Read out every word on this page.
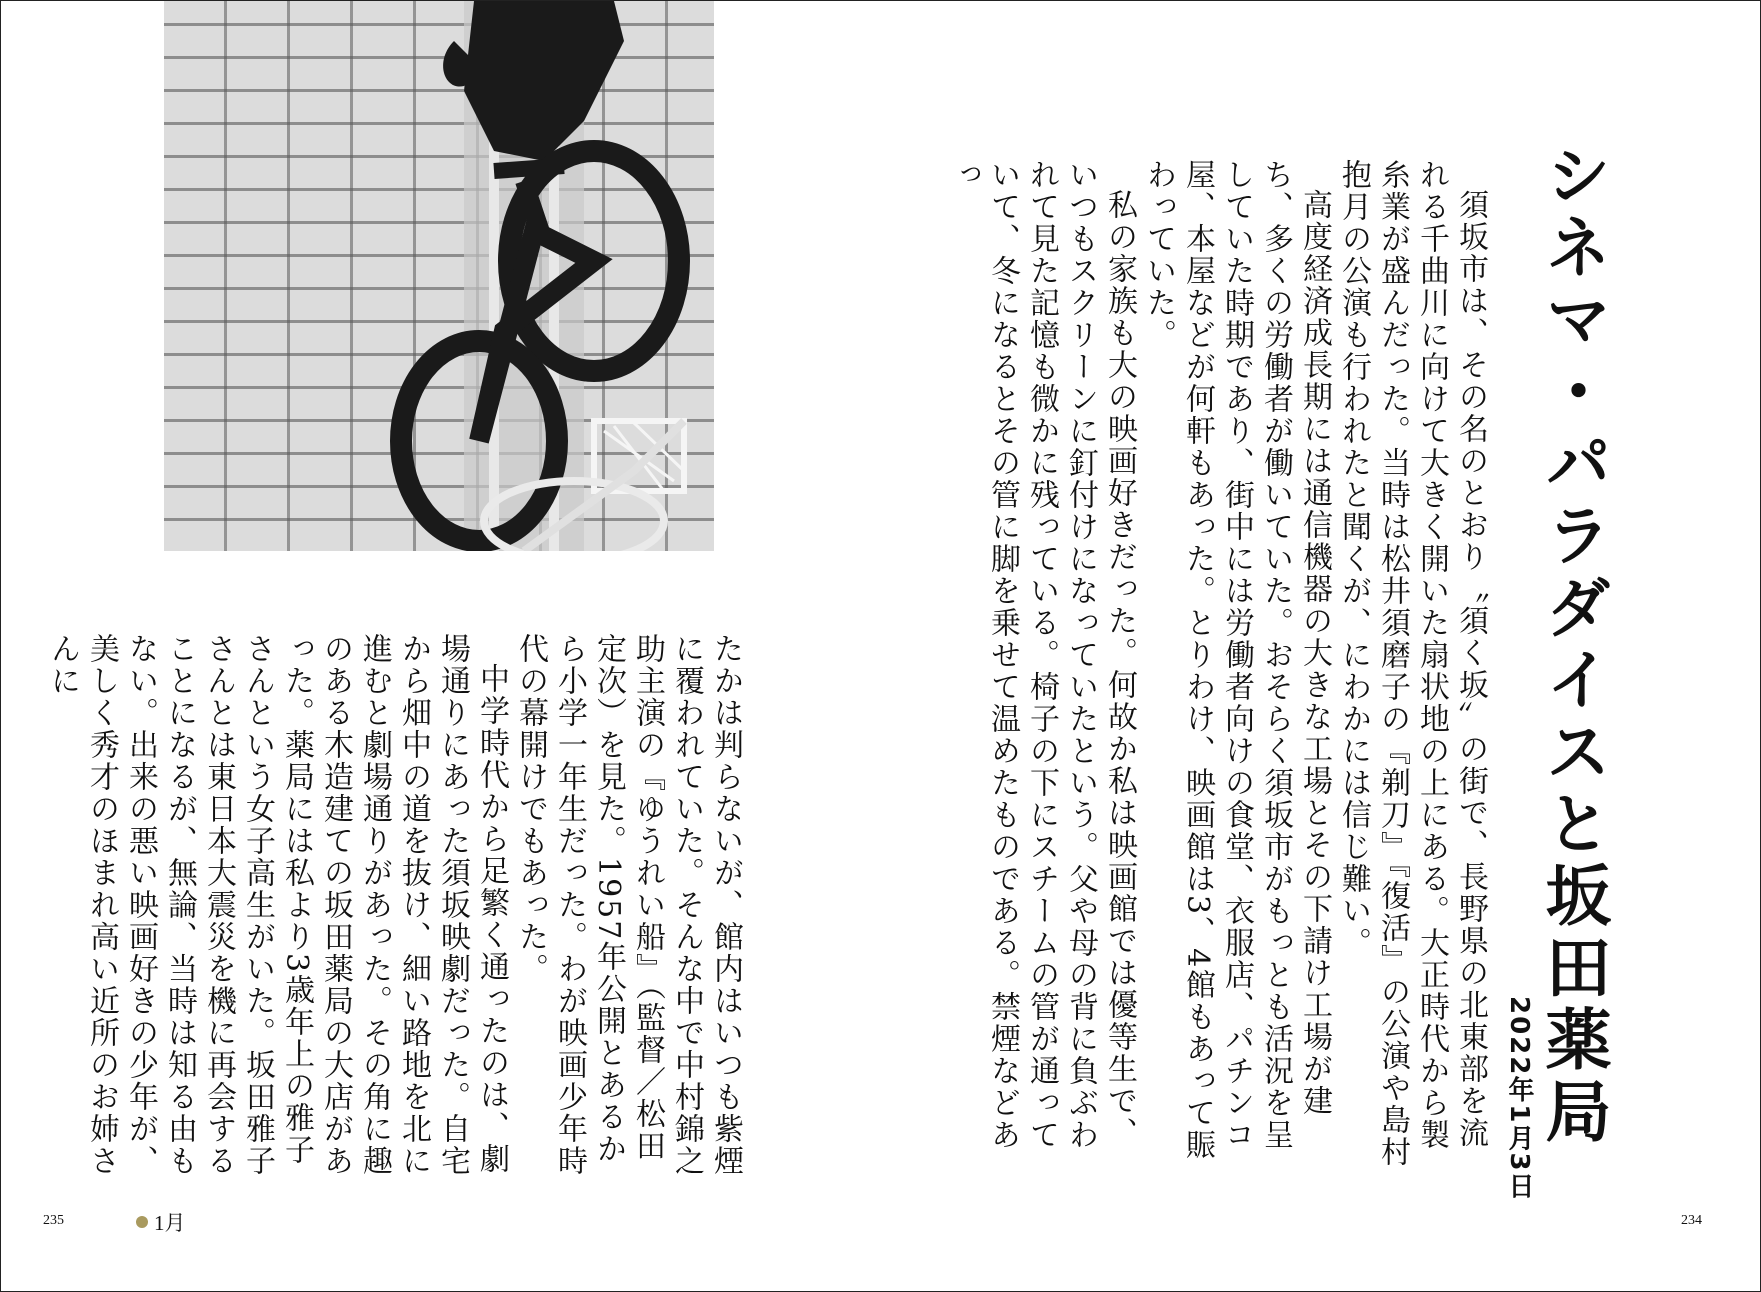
シネマ・パラダイスと坂田薬局
2022年1月3日

須坂市は、その名のとおり〝須く坂〟の街で、長野県の北東部を流れる千曲川に向けて大きく開いた扇状地の上にある。大正時代から製糸業が盛んだった。当時は松井須磨子の『剃刀』『復活』の公演や島村抱月の公演も行われたと聞くが、にわかには信じ難い。

高度経済成長期には通信機器の大きな工場とその下請け工場が建ち、多くの労働者が働いていた。おそらく須坂市がもっとも活況を呈していた時期であり、街中には労働者向けの食堂、衣服店、パチンコ屋、本屋などが何軒もあった。とりわけ、映画館は3、4館もあって賑わっていた。

私の家族も大の映画好きだった。何故か私は映画館では優等生で、いつもスクリーンに釘付けになっていたという。父や母の背に負ぶわれて見た記憶も微かに残っている。椅子の下にスチームの管が通っていて、冬になるとその管に脚を乗せて温めたものである。禁煙などあっ

たかは判らないが、館内はいつも紫煙に覆われていた。そんな中で中村錦之助主演の『ゆうれい船』（監督／松田定次）を見た。1957年公開とあるから小学一年生だった。わが映画少年時代の幕開けでもあった。

中学時代から足繁く通ったのは、劇場通りにあった須坂映劇だった。自宅から畑中の道を抜け、細い路地を北に進むと劇場通りがあった。その角に趣のある木造建ての坂田薬局の大店があった。薬局には私より3歳年上の雅子さんという女子高生がいた。坂田雅子さんとは東日本大震災を機に再会することになるが、無論、当時は知る由もない。出来の悪い映画好きの少年が、美しく秀才のほまれ高い近所のお姉さんに

235	1月	234
